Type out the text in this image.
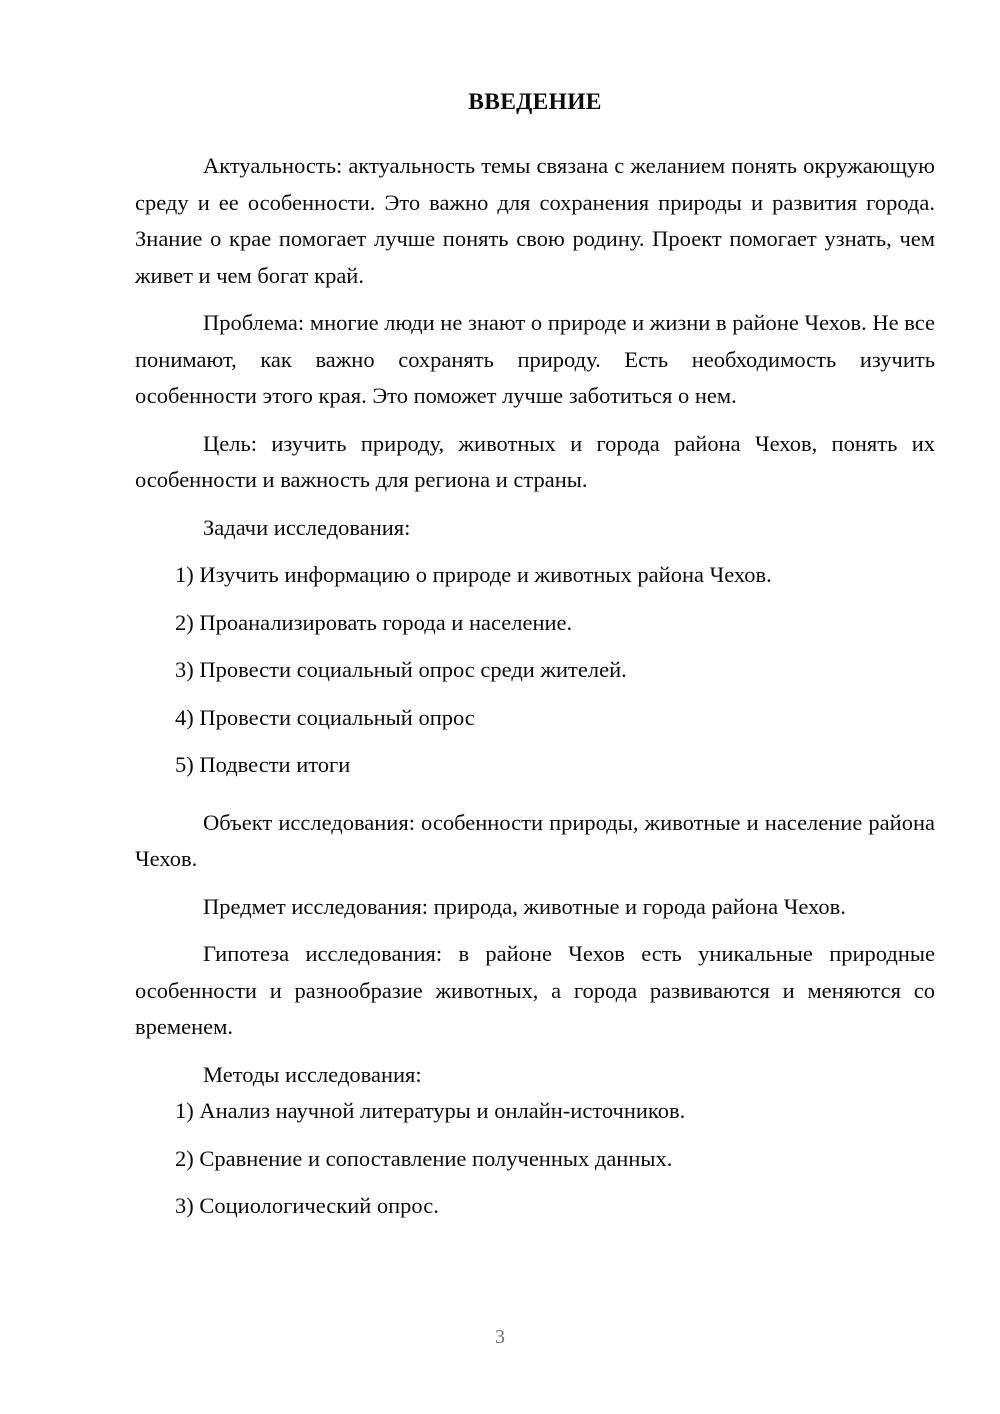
ВВЕДЕНИЕ

Актуальность: актуальность темы связана с желанием понять окружающую среду и ее особенности. Это важно для сохранения природы и развития города. Знание о крае помогает лучше понять свою родину. Проект помогает узнать, чем живет и чем богат край.

Проблема: многие люди не знают о природе и жизни в районе Чехов. Не все понимают, как важно сохранять природу. Есть необходимость изучить особенности этого края. Это поможет лучше заботиться о нем.

Цель: изучить природу, животных и города района Чехов, понять их особенности и важность для региона и страны.

Задачи исследования:

1) Изучить информацию о природе и животных района Чехов.
2) Проанализировать города и население.
3) Провести социальный опрос среди жителей.
4) Провести социальный опрос
5) Подвести итоги

Объект исследования: особенности природы, животные и население района Чехов.

Предмет исследования: природа, животные и города района Чехов.

Гипотеза исследования: в районе Чехов есть уникальные природные особенности и разнообразие животных, а города развиваются и меняются со временем.

Методы исследования:

1) Анализ научной литературы и онлайн-источников.
2) Сравнение и сопоставление полученных данных.
3) Социологический опрос.
3
